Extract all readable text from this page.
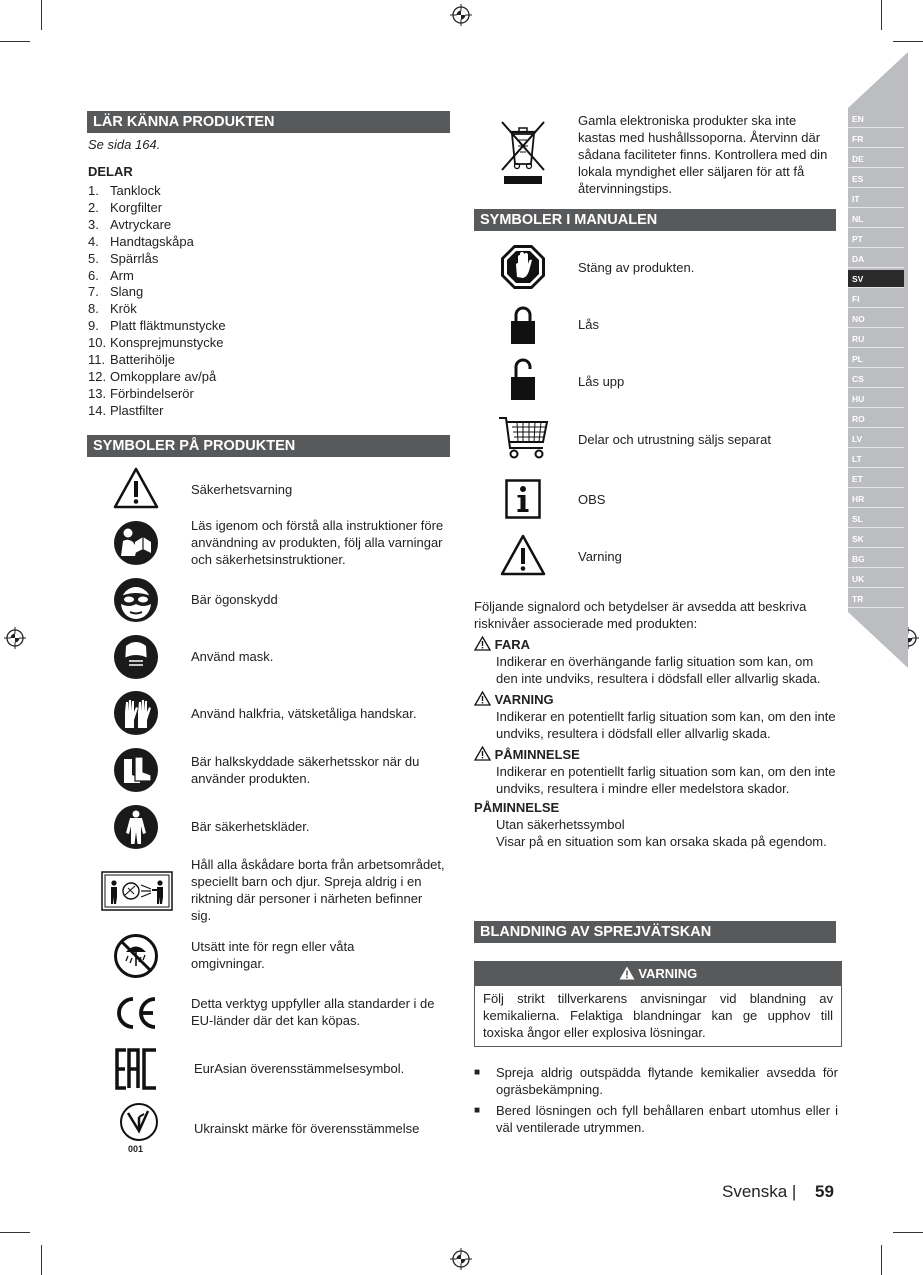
EN
FR
DE
ES
IT
NL
PT
DA
SV
FI
NO
RU
PL
CS
HU
RO
LV
LT
ET
HR
SL
SK
BG
UK
TR
LÄR KÄNNA PRODUKTEN
Se sida 164.
DELAR
1. Tanklock
2. Korgfilter
3. Avtryckare
4. Handtagskåpa
5. Spärrlås
6. Arm
7. Slang
8. Krök
9. Platt fläktmunstycke
10. Konsprejmunstycke
11. Batterihölje
12. Omkopplare av/på
13. Förbindelserör
14. Plastfilter
SYMBOLER PÅ PRODUKTEN
001
Säkerhetsvarning
Läs igenom och förstå alla instruktioner före användning av produkten, följ alla varningar och säkerhetsinstruktioner.
Bär ögonskydd
Använd mask.
Använd halkfria, vätsketåliga handskar.
Bär halkskyddade säkerhetsskor när du använder produkten.
Bär säkerhetskläder.
Håll alla åskådare borta från arbetsområdet, speciellt barn och djur. Spreja aldrig i en riktning där personer i närheten befinner sig.
Utsätt inte för regn eller våta omgivningar.
Detta verktyg uppfyller alla standarder i de EU-länder där det kan köpas.
EurAsian överensstämmelsesymbol.
Ukrainskt märke för överensstämmelse
Gamla elektroniska produkter ska inte kastas med hushållssoporna. Återvinn där sådana faciliteter finns. Kontrollera med din lokala myndighet eller säljaren för att få återvinningstips.
SYMBOLER I MANUALEN
Stäng av produkten.
Lås
Lås upp
Delar och utrustning säljs separat
OBS
Varning
Följande signalord och betydelser är avsedda att beskriva risknivåer associerade med produkten:
FARA
Indikerar en överhängande farlig situation som kan, om den inte undviks, resultera i dödsfall eller allvarlig skada.
VARNING
Indikerar en potentiellt farlig situation som kan, om den inte undviks, resultera i dödsfall eller allvarlig skada.
PÅMINNELSE
Indikerar en potentiellt farlig situation som kan, om den inte undviks, resultera i mindre eller medelstora skador.
PÅMINNELSE
Utan säkerhetssymbol
Visar på en situation som kan orsaka skada på egendom.
BLANDNING AV SPREJVÄTSKAN
VARNING
Följ strikt tillverkarens anvisningar vid blandning av kemikalierna. Felaktiga blandningar kan ge upphov till toxiska ångor eller explosiva lösningar.
■ Spreja aldrig outspädda flytande kemikalier avsedda för ogräsbekämpning.
■ Bered lösningen och fyll behållaren enbart utomhus eller i väl ventilerade utrymmen.
Svenska | 59
